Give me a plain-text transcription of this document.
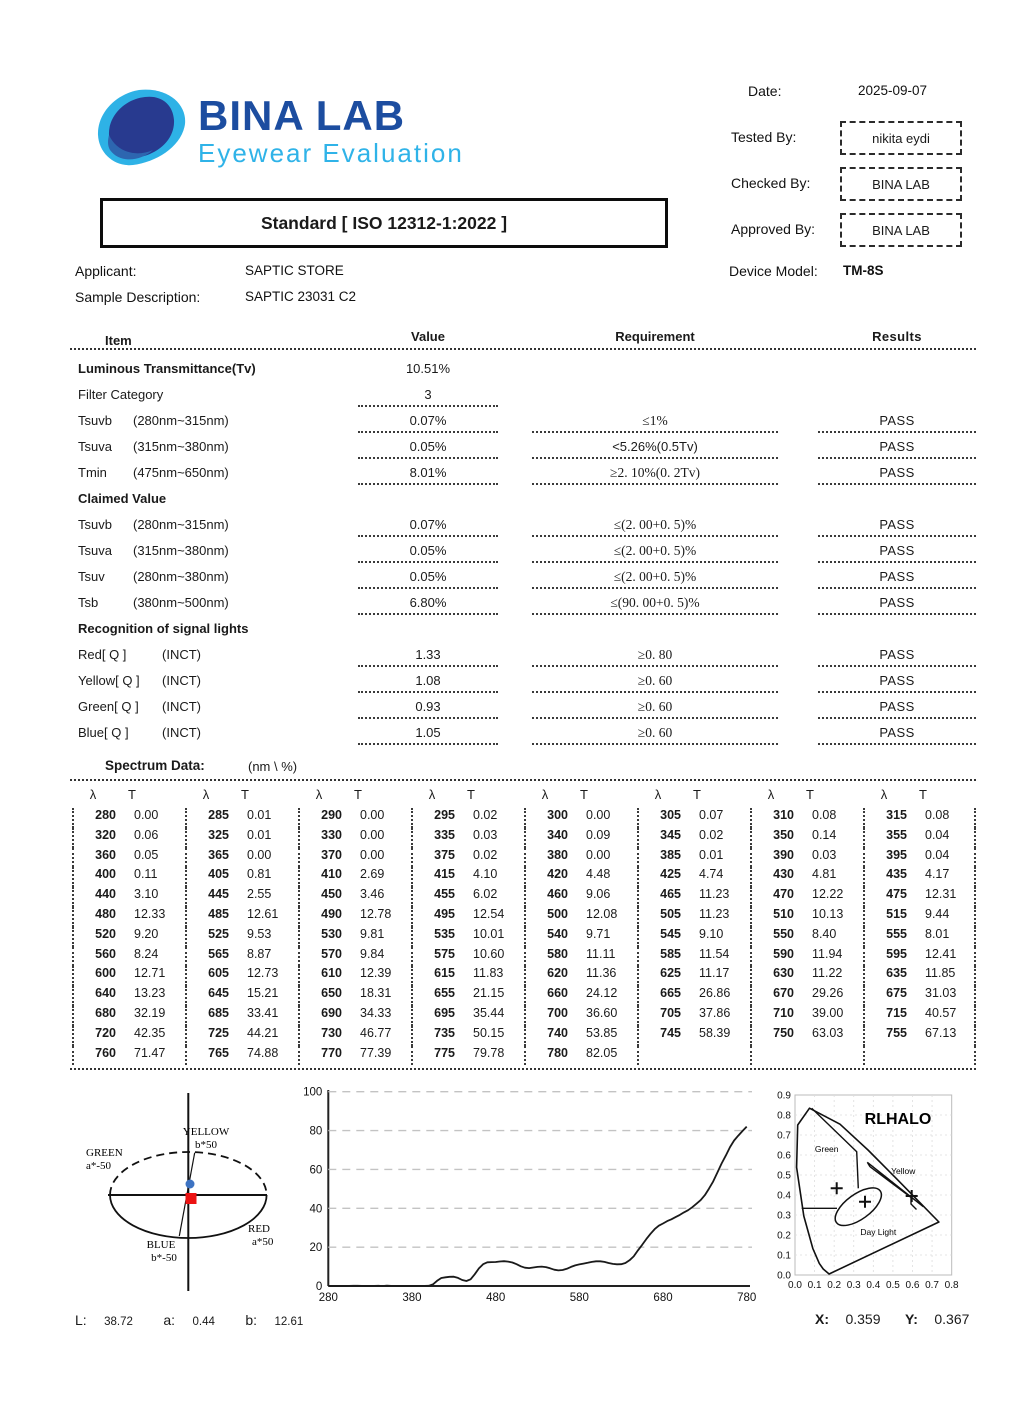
BINA LAB
Eyewear Evaluation
Date:	2025-09-07
Tested By:	nikita eydi
Checked By:	BINA LAB
Approved By:	BINA LAB
Device Model: TM-8S
Standard [ ISO 12312-1:2022 ]
Applicant:	SAPTIC STORE
Sample Description:	SAPTIC 23031 C2
Item	Value	Requirement	Results
Luminous Transmittance(Tv)	10.51%
Filter Category	3
Tsuvb (280nm~315nm)	0.07%	≤1%	PASS
Tsuva (315nm~380nm)	0.05%	<5.26%(0.5Tv)	PASS
Tmin (475nm~650nm)	8.01%	≥2. 10%(0. 2Tv)	PASS
Claimed Value
Tsuvb (280nm~315nm)	0.07%	≤(2. 00+0. 5)%	PASS
Tsuva (315nm~380nm)	0.05%	≤(2. 00+0. 5)%	PASS
Tsuv (280nm~380nm)	0.05%	≤(2. 00+0. 5)%	PASS
Tsb	(380nm~500nm)	6.80%	≤(90. 00+0. 5)%	PASS
Recognition of signal lights
Red[ Q ]	(INCT)	1.33	≥0. 80	PASS
Yellow[ Q ] (INCT)	1.08	≥0. 60	PASS
Green[ Q ] (INCT)	0.93	≥0. 60	PASS
Blue[ Q ]	(INCT)	1.05	≥0. 60	PASS
Spectrum Data:	(nm \ %)
λ	T	λ	T	λ	T	λ	T	λ	T	λ	T	λ	T	λ	T
280 0.00	285 0.01	290 0.00	295 0.02	300 0.00	305 0.07	310 0.08	315 0.08
320 0.06	325 0.01	330 0.00	335 0.03	340 0.09	345 0.02	350 0.14	355 0.04
360 0.05	365 0.00	370 0.00	375 0.02	380 0.00	385 0.01	390 0.03	395 0.04
400 0.11	405 0.81	410 2.69	415 4.10	420 4.48	425 4.74	430 4.81	435 4.17
440 3.10	445 2.55	450 3.46	455 6.02	460 9.06	465 11.23	470 12.22	475 12.31
480 12.33	485 12.61	490 12.78	495 12.54	500 12.08	505 11.23	510 10.13	515 9.44
520 9.20	525 9.53	530 9.81	535 10.01	540 9.71	545 9.10	550 8.40	555 8.01
560 8.24	565 8.87	570 9.84	575 10.60	580 11.11	585 11.54	590 11.94	595 12.41
600 12.71	605 12.73	610 12.39	615 11.83	620 11.36	625 11.17	630 11.22	635 11.85
640 13.23	645 15.21	650 18.31	655 21.15	660 24.12	665 26.86	670 29.26	675 31.03
680 32.19	685 33.41	690 34.33	695 35.44	700 36.60	705 37.86	710 39.00	715 40.57
720 42.35	725 44.21	730 46.77	735 50.15	740 53.85	745 58.39	750 63.03	755 67.13
760 71.47	765 74.88	770 77.39	775 79.78	780 82.05
YELLOW
b*50
GREEN
a*-50
RED
a*50
BLUE
b*-50
0
20
40
60
80
100
280	380	480	580	680	780
0.0 0.1 0.2 0.3 0.4 0.5 0.6 0.7 0.8
0.0
0.1
0.2
0.3
0.4
0.5
0.6
0.7
0.8
0.9
RLHALO
Green
Yellow
Day Light
L: 38.72 a: 0.44 b: 12.61	X: 0.359 Y: 0.367
